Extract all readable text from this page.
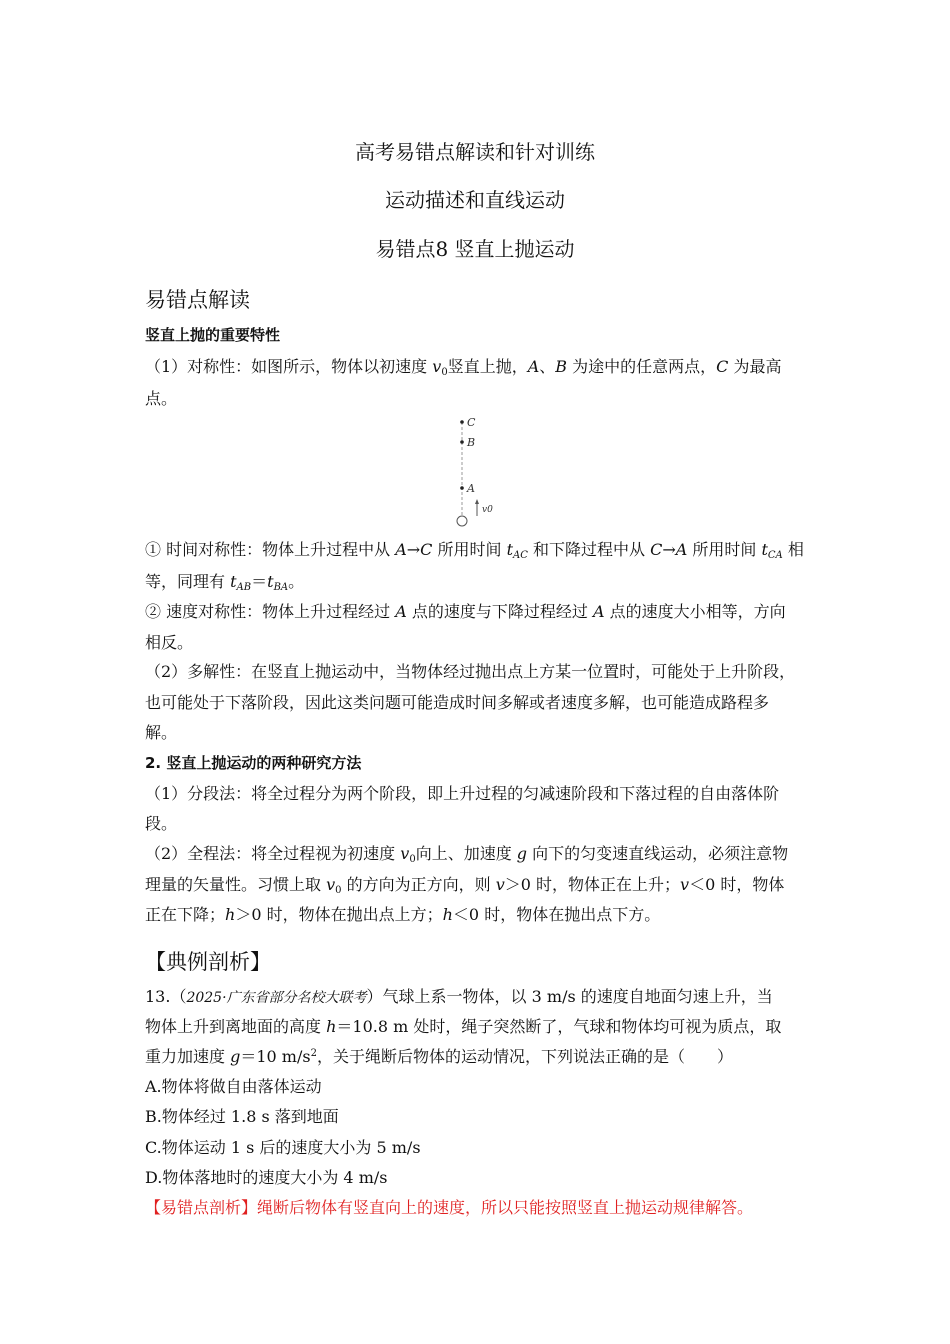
高考易错点解读和针对训练
运动描述和直线运动
易错点8 竖直上抛运动
易错点解读
竖直上抛的重要特性
（1）对称性：如图所示，物体以初速度 $v_0$竖直上抛，A、B 为途中的任意两点，C 为最高
点。
C
B
A
v0
① 时间对称性：物体上升过程中从 A→C 所用时间 $t_{AC}$ 和下降过程中从 C→A 所用时间 $t_{CA}$ 相
等，同理有 $t_{AB}=t_{BA}$。
② 速度对称性：物体上升过程经过 A 点的速度与下降过程经过 A 点的速度大小相等，方向
相反。
（2）多解性：在竖直上抛运动中，当物体经过抛出点上方某一位置时，可能处于上升阶段，
也可能处于下落阶段，因此这类问题可能造成时间多解或者速度多解，也可能造成路程多
解。
2. 竖直上抛运动的两种研究方法
（1）分段法：将全过程分为两个阶段，即上升过程的匀减速阶段和下落过程的自由落体阶
段。
（2）全程法：将全过程视为初速度 $v_0$向上、加速度 g 向下的匀变速直线运动，必须注意物
理量的矢量性。习惯上取 $v_0$ 的方向为正方向，则 v＞0 时，物体正在上升；v＜0 时，物体
正在下降；h＞0 时，物体在抛出点上方；h＜0 时，物体在抛出点下方。
【典例剖析】
13.（2025·广东省部分名校大联考）气球上系一物体，以 3 m/s 的速度自地面匀速上升，当
物体上升到离地面的高度 h＝10.8 m 处时，绳子突然断了，气球和物体均可视为质点，取
重力加速度 g＝10 $m/s^2$，关于绳断后物体的运动情况，下列说法正确的是（　　）
A.物体将做自由落体运动
B.物体经过 1.8 s 落到地面
C.物体运动 1 s 后的速度大小为 5 m/s
D.物体落地时的速度大小为 4 m/s
【易错点剖析】绳断后物体有竖直向上的速度，所以只能按照竖直上抛运动规律解答。
